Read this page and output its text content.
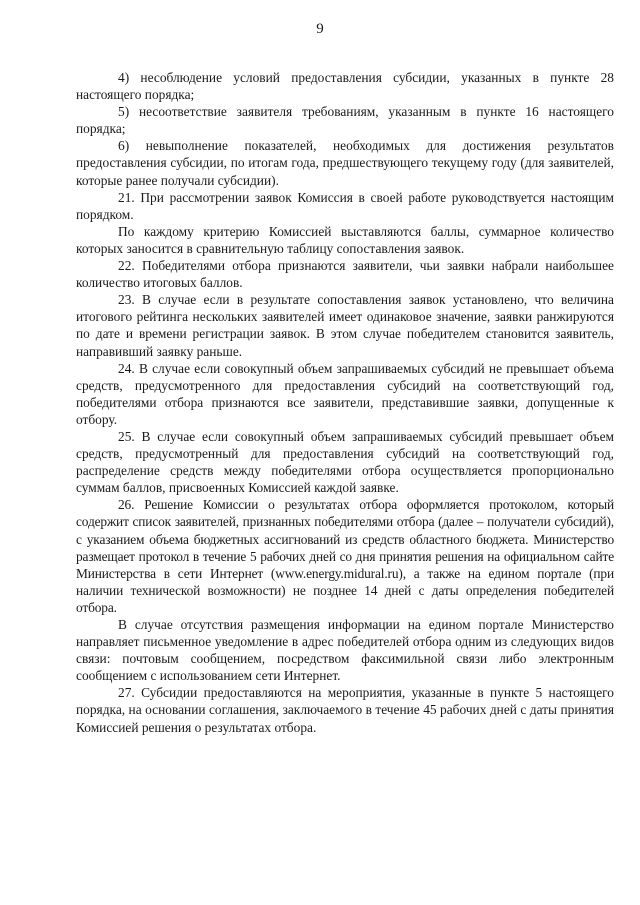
9

4) несоблюдение условий предоставления субсидии, указанных в пункте 28 настоящего порядка;

5) несоответствие заявителя требованиям, указанным в пункте 16 настоящего порядка;

6) невыполнение показателей, необходимых для достижения результатов предоставления субсидии, по итогам года, предшествующего текущему году (для заявителей, которые ранее получали субсидии).

21. При рассмотрении заявок Комиссия в своей работе руководствуется настоящим порядком.

По каждому критерию Комиссией выставляются баллы, суммарное количество которых заносится в сравнительную таблицу сопоставления заявок.

22. Победителями отбора признаются заявители, чьи заявки набрали наибольшее количество итоговых баллов.

23. В случае если в результате сопоставления заявок установлено, что величина итогового рейтинга нескольких заявителей имеет одинаковое значение, заявки ранжируются по дате и времени регистрации заявок. В этом случае победителем становится заявитель, направивший заявку раньше.

24. В случае если совокупный объем запрашиваемых субсидий не превышает объема средств, предусмотренного для предоставления субсидий на соответствующий год, победителями отбора признаются все заявители, представившие заявки, допущенные к отбору.

25. В случае если совокупный объем запрашиваемых субсидий превышает объем средств, предусмотренный для предоставления субсидий на соответствующий год, распределение средств между победителями отбора осуществляется пропорционально суммам баллов, присвоенных Комиссией каждой заявке.

26. Решение Комиссии о результатах отбора оформляется протоколом, который содержит список заявителей, признанных победителями отбора (далее – получатели субсидий), с указанием объема бюджетных ассигнований из средств областного бюджета. Министерство размещает протокол в течение 5 рабочих дней со дня принятия решения на официальном сайте Министерства в сети Интернет (www.energy.midural.ru), а также на едином портале (при наличии технической возможности) не позднее 14 дней с даты определения победителей отбора.

В случае отсутствия размещения информации на едином портале Министерство направляет письменное уведомление в адрес победителей отбора одним из следующих видов связи: почтовым сообщением, посредством факсимильной связи либо электронным сообщением с использованием сети Интернет.

27. Субсидии предоставляются на мероприятия, указанные в пункте 5 настоящего порядка, на основании соглашения, заключаемого в течение 45 рабочих дней с даты принятия Комиссией решения о результатах отбора.
